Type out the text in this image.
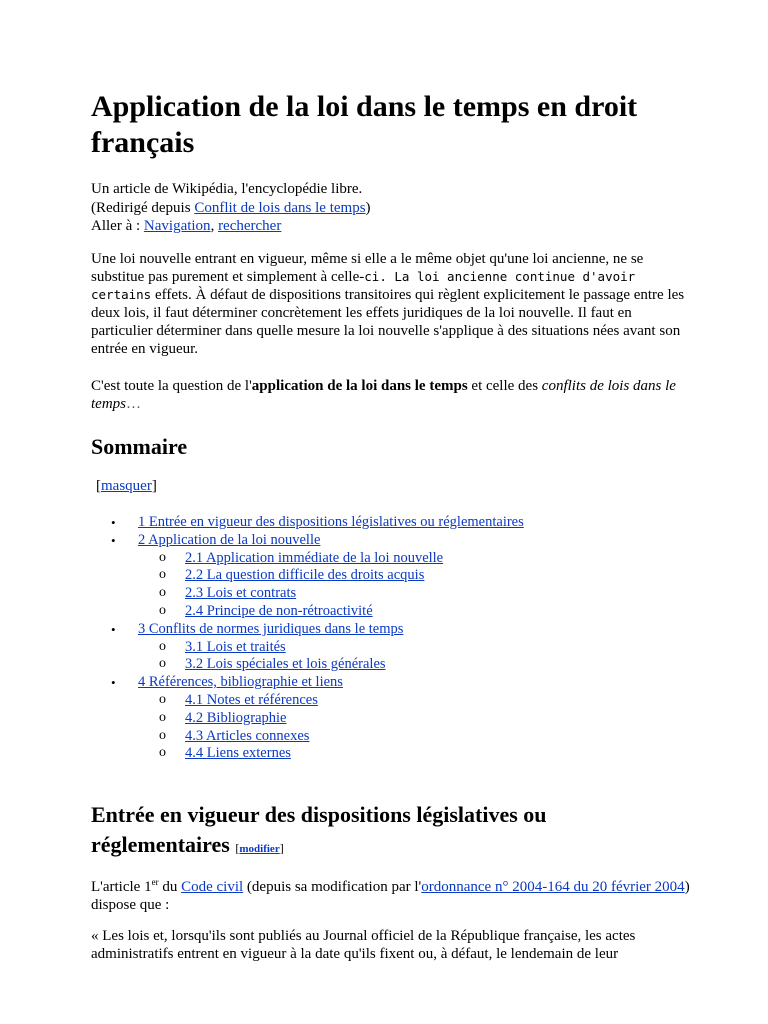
Application de la loi dans le temps en droit français
Un article de Wikipédia, l'encyclopédie libre.
(Redirigé depuis Conflit de lois dans le temps)
Aller à : Navigation, rechercher

Une loi nouvelle entrant en vigueur, même si elle a le même objet qu'une loi ancienne, ne se substitue pas purement et simplement à celle-ci. La loi ancienne continue d'avoir certains effets. À défaut de dispositions transitoires qui règlent explicitement le passage entre les deux lois, il faut déterminer concrètement les effets juridiques de la loi nouvelle. Il faut en particulier déterminer dans quelle mesure la loi nouvelle s'applique à des situations nées avant son entrée en vigueur.

C'est toute la question de l'application de la loi dans le temps et celle des conflits de lois dans le temps…

Sommaire
[masquer]
• 1 Entrée en vigueur des dispositions législatives ou réglementaires
• 2 Application de la loi nouvelle
o 2.1 Application immédiate de la loi nouvelle
o 2.2 La question difficile des droits acquis
o 2.3 Lois et contrats
o 2.4 Principe de non-rétroactivité
• 3 Conflits de normes juridiques dans le temps
o 3.1 Lois et traités
o 3.2 Lois spéciales et lois générales
• 4 Références, bibliographie et liens
o 4.1 Notes et références
o 4.2 Bibliographie
o 4.3 Articles connexes
o 4.4 Liens externes
Entrée en vigueur des dispositions législatives ou
réglementaires [modifier]

L'article 1er du Code civil (depuis sa modification par l'ordonnance n° 2004-164 du 20 février 2004) dispose que :

« Les lois et, lorsqu'ils sont publiés au Journal officiel de la République française, les actes administratifs entrent en vigueur à la date qu'ils fixent ou, à défaut, le lendemain de leur
